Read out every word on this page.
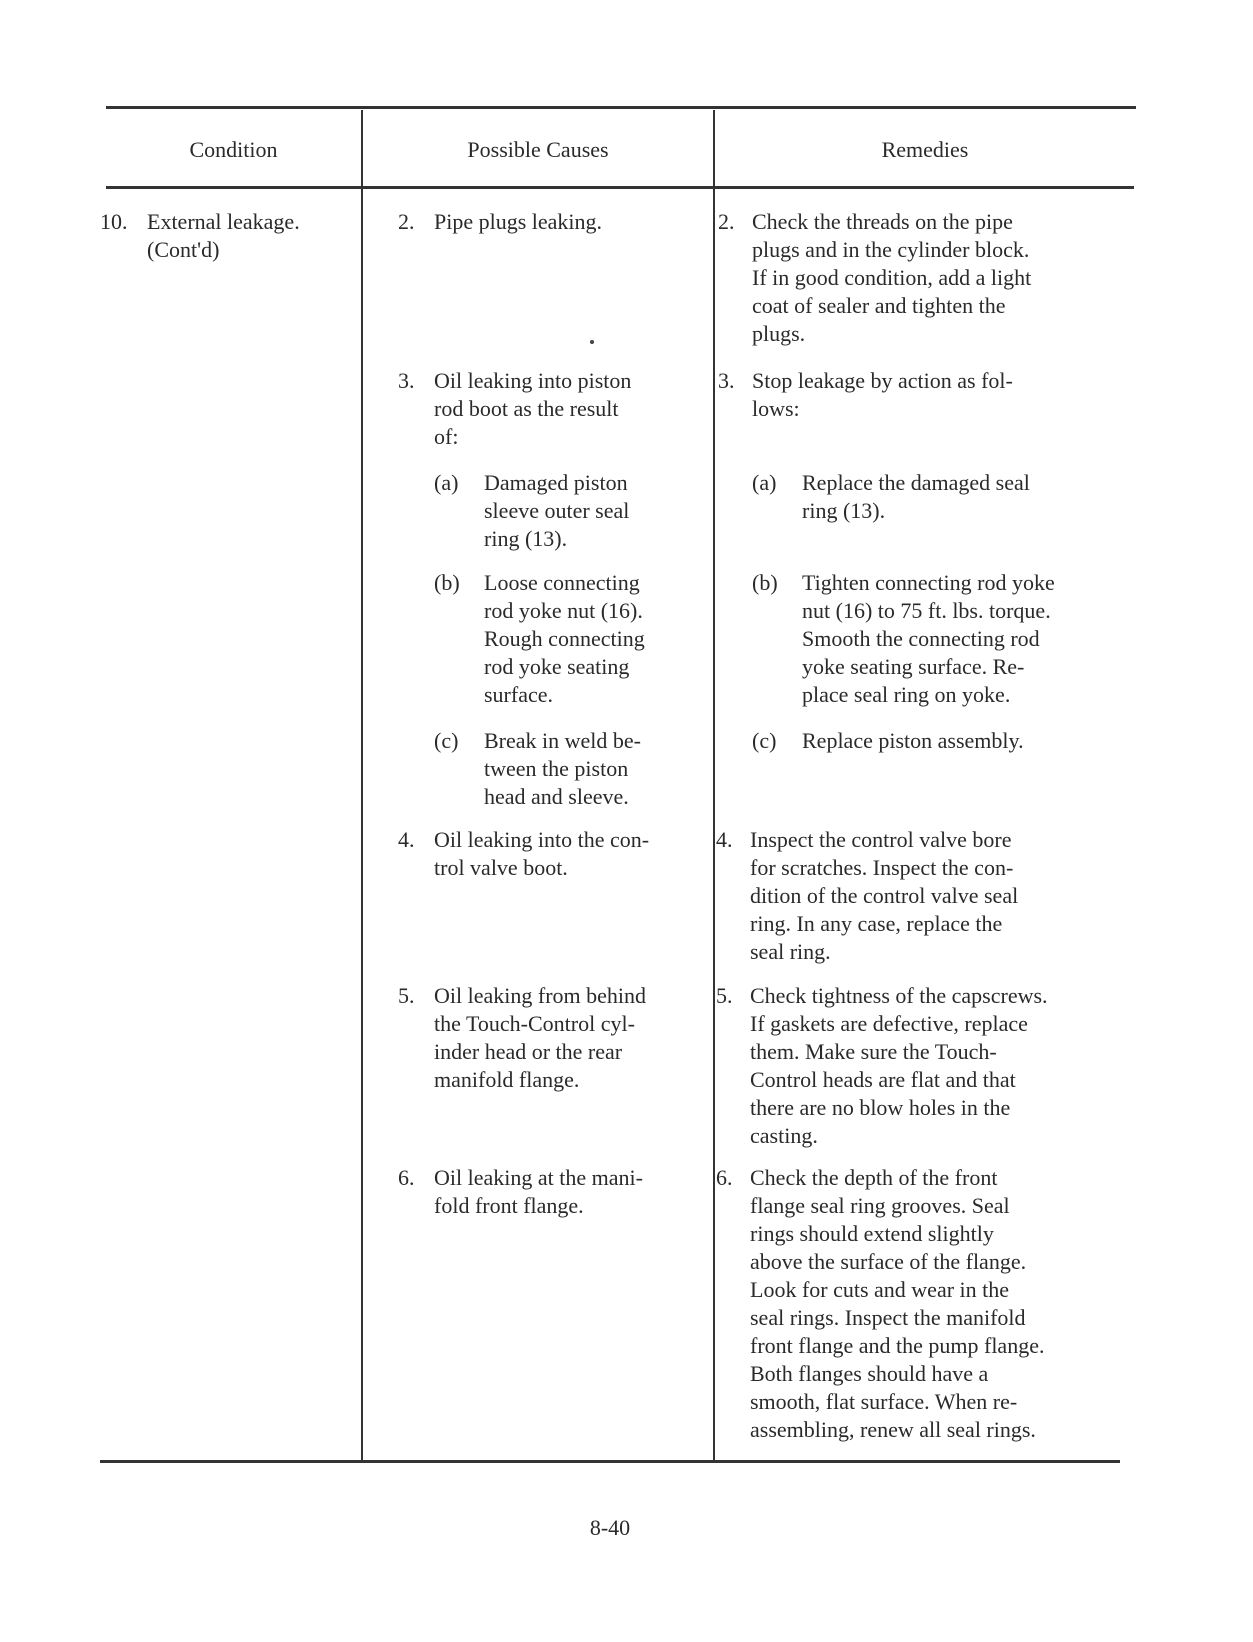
Condition	Possible Causes	Remedies
10. External leakage.
(Cont'd)
2. Pipe plugs leaking.
3. Oil leaking into piston
rod boot as the result
of:
(a) Damaged piston
sleeve outer seal
ring (13).
(b) Loose connecting
rod yoke nut (16).
Rough connecting
rod yoke seating
surface.
(c) Break in weld be-
tween the piston
head and sleeve.
4. Oil leaking into the con-
trol valve boot.
5. Oil leaking from behind
the Touch-Control cyl-
inder head or the rear
manifold flange.
6. Oil leaking at the mani-
fold front flange.
2. Check the threads on the pipe
plugs and in the cylinder block.
If in good condition, add a light
coat of sealer and tighten the
plugs.
3. Stop leakage by action as fol-
lows:
(a) Replace the damaged seal
ring (13).
(b) Tighten connecting rod yoke
nut (16) to 75 ft. lbs. torque.
Smooth the connecting rod
yoke seating surface. Re-
place seal ring on yoke.
(c) Replace piston assembly.
4. Inspect the control valve bore
for scratches. Inspect the con-
dition of the control valve seal
ring. In any case, replace the
seal ring.
5. Check tightness of the capscrews.
If gaskets are defective, replace
them. Make sure the Touch-
Control heads are flat and that
there are no blow holes in the
casting.
6. Check the depth of the front
flange seal ring grooves. Seal
rings should extend slightly
above the surface of the flange.
Look for cuts and wear in the
seal rings. Inspect the manifold
front flange and the pump flange.
Both flanges should have a
smooth, flat surface. When re-
assembling, renew all seal rings.
8-40
